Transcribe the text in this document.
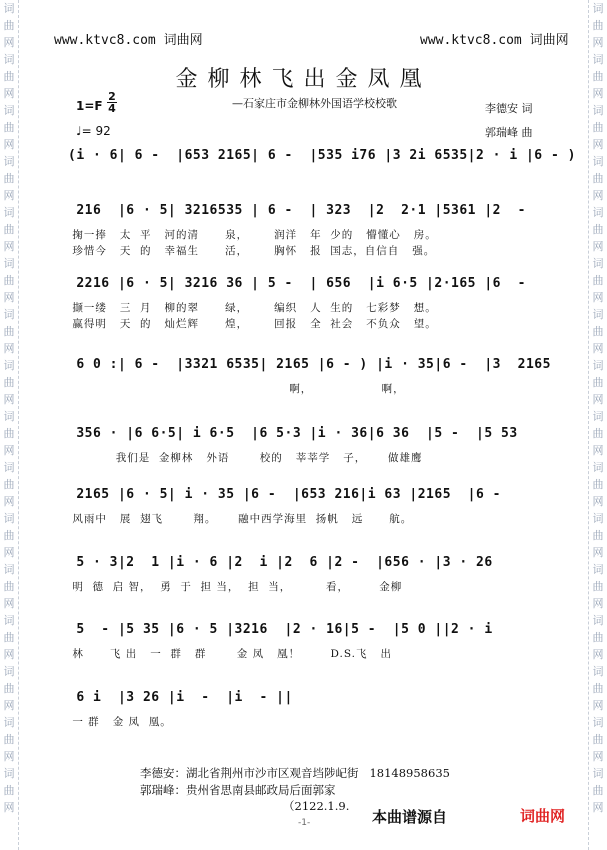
词
曲
网
词
曲
网
词
曲
网
词
曲
网
词
曲
网
词
曲
网
词
曲
网
词
曲
网
词
曲
网
词
曲
网
词
曲
网
词
曲
网
词
曲
网
词
曲
网
词
曲
网
词
曲
网
词
曲
网
词
曲
网
词
曲
网
词
曲
网
词
曲
网
词
曲
网
词
曲
网
词
曲
网
词
曲
网
词
曲
网
词
曲
网
词
曲
网
词
曲
网
词
曲
网
词
曲
网
词
曲
网
www.ktvc8.com 词曲网	www.ktvc8.com 词曲网
金柳林飞出金凤凰
—石家庄市金柳林外国语学校校歌
1=F
2
4
♩= 92
李德安 词
郭瑞峰 曲
(i · 6| 6 -  |653 2165| 6 -  |535 i76 |3 2i 6535|2 · i |6 - )
216  |6 · 5| 3216535 | 6 -  | 323  |2  2·1 |5361 |2  -
掬一捧   太  平   河的清      泉，      润洋   年  少的   懵懂心   房。
珍惜今   天  的   幸福生      活，      胸怀   报  国志，自信自   强。
2216 |6 · 5| 3216 36 | 5 -  | 656  |i 6·5 |2·165 |6  -
撷一缕   三  月   柳的翠      绿，      编织   人  生的   七彩梦   想。
赢得明   天  的   灿烂辉      煌，      回报   全  社会   不负众   望。
6 0 :| 6 -  |3321 6535| 2165 |6 - ) |i · 35|6 -  |3  2165
啊，                啊，
356 · |6 6·5| i 6·5  |6 5·3 |i · 36|6 36  |5 -  |5 53
我们是  金柳林   外语       校的   莘莘学   子，     做雄鹰
2165 |6 · 5| i · 35 |6 -  |653 216|i 63 |2165  |6 -
风雨中   展  翅飞       翔。     融中西学海里  扬帆   远      航。
5 · 3|2  1 |i · 6 |2  i |2  6 |2 -  |656 · |3 · 26
明  德  启 智，  勇  于  担 当，  担  当，        看，       金柳
5  - |5 35 |6 · 5 |3216  |2 · 16|5 -  |5 0 ||2 · i
林      飞 出   一  群   群       金 凤   凰！       D.S.飞   出
6 i  |3 26 |i  -  |i  - ||
一 群   金 凤  凰。
李德安：湖北省荆州市沙市区观音垱陟屺街   18148958635
郭瑞峰：贵州省思南县邮政局后面郭家
（2122.1.9.
-1-	本曲谱源自	词曲网
